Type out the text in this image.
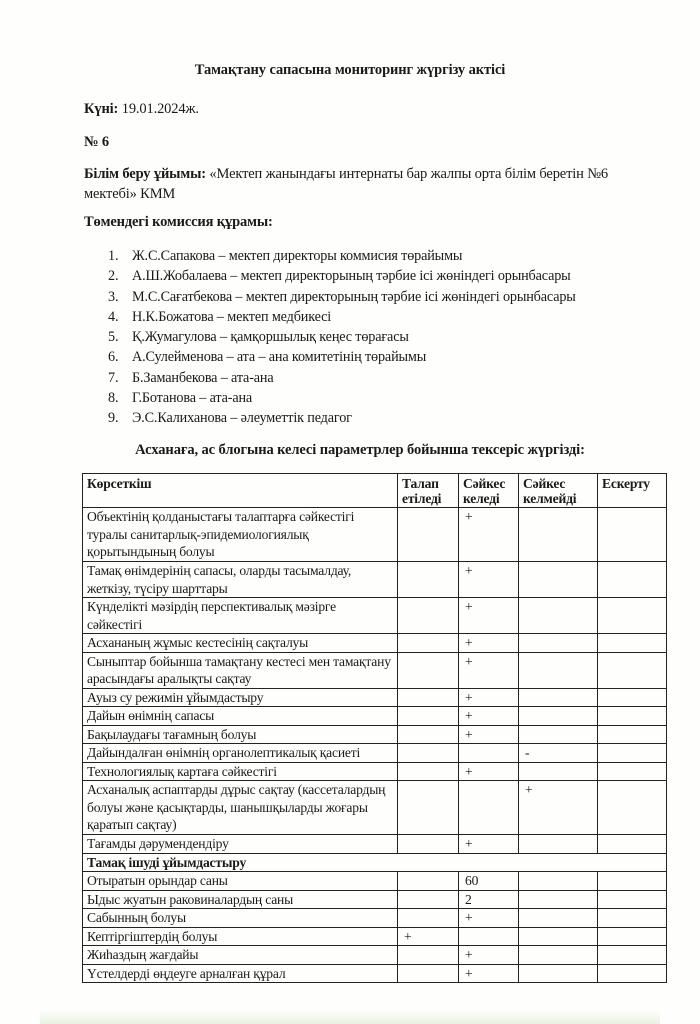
Тамақтану сапасына мониторинг жүргізу актісі
Күні: 19.01.2024ж.
№ 6
Білім беру ұйымы: «Мектеп жанындағы интернаты бар жалпы орта білім беретін №6 мектебі» КММ
Төмендегі комиссия құрамы:
1. Ж.С.Сапакова – мектеп директоры коммисия төрайымы
2. А.Ш.Жобалаева – мектеп директорының тәрбие ісі жөніндегі орынбасары
3. М.С.Сағатбекова – мектеп директорының тәрбие ісі жөніндегі орынбасары
4. Н.К.Божатова – мектеп медбикесі
5. Қ.Жумагулова – қамқоршылық кеңес төрағасы
6. А.Сулейменова – ата – ана комитетінің төрайымы
7. Б.Заманбекова – ата-ана
8. Г.Ботанова – ата-ана
9. Э.С.Калиханова – әлеуметтік педагог
Асханаға, ас блогына келесі параметрлер бойынша тексеріс жүргізді:
Көрсеткіш	Талап етіледі	Сәйкес келеді	Сәйкес келмейді	Ескерту
Объектінің қолданыстағы талаптарға сәйкестігі туралы санитарлық-эпидемиологиялық қорытындының болуы		+		
Тамақ өнімдерінің сапасы, оларды тасымалдау, жеткізу, түсіру шарттары		+		
Күнделікті мәзірдің перспективалық мәзірге сәйкестігі		+		
Асхананың жұмыс кестесінің сақталуы		+		
Сыныптар бойынша тамақтану кестесі мен тамақтану арасындағы аралықты сақтау		+		
Ауыз су режимін ұйымдастыру		+		
Дайын өнімнің сапасы		+		
Бақылаудағы тағамның болуы		+		
Дайындалған өнімнің органолептикалық қасиеті			-	
Технологиялық картаға сәйкестігі		+		
Асханалық аспаптарды дұрыс сақтау (кассеталардың болуы және қасықтарды, шанышқыларды жоғары қаратып сақтау)			+	
Тағамды дәрумендендіру		+		
Тамақ ішуді ұйымдастыру				
Отыратын орындар саны		60		
Ыдыс жуатын раковиналардың саны		2		
Сабынның болуы		+		
Кептіргіштердің болуы	+			
Жиһаздың жағдайы		+		
Үстелдерді өңдеуге арналған құрал		+		
